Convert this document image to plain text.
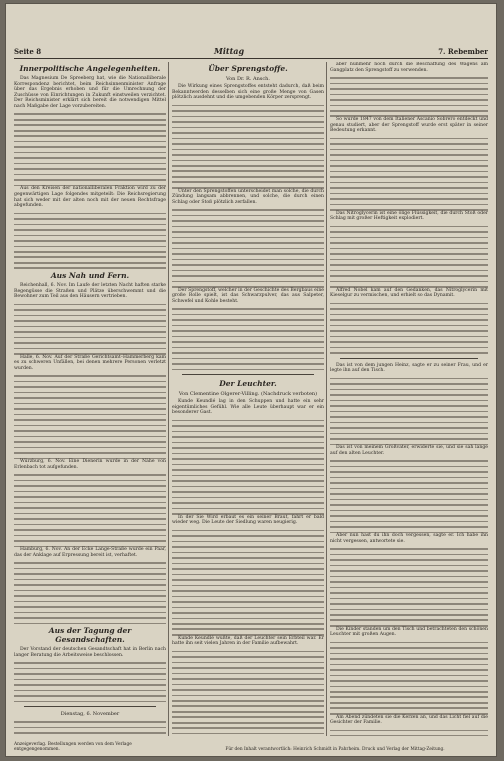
Seite 8	Mittag	7. Rebember
Innerpolitische Angelegenheiten.

Das Magnesium De Spreeberg hat, wie die Nationalliberale Korrespondenz berichtet, beim Reichsinnenminister Anfrage über das Ergebnis erhoben und für die Umrechnung der Zuschüsse von Einrichtungen in Zukunft einstweilen verzichtet. Der Reichsminister erklärt sich bereit die notwendigen Mittel nach Maßgabe der Lage vorzubereiten.

Aus den Kreisen der nationalliberalen Fraktion wird zu der gegenwärtigen Lage folgendes mitgeteilt: Die Reichsregierung hat sich weder mit der alten noch mit der neuen Rechtsfrage abgefunden.

Aus Nah und Fern.

Reichenhall, 6. Nov. Im Laufe der letzten Nacht haften starke Regengüsse die Straßen und Plätze überschwemmt und die Bewohner zum Teil aus den Häusern vertrieben.

Halle, 6. Nov. Auf der Straße Gerichtsamt–Hammerberg kam es zu schweren Unfällen, bei denen mehrere Personen verletzt wurden.

Würzburg, 6. Nov. Eine Dienerin wurde in der Nähe von Erlenbach tot aufgefunden.

Hamburg, 6. Nov. An der Ecke Lange-Straße wurde ein Paar, das der Anklage auf Erpressung bereit ist, verhaftet.

Aus der Tagung der Gesandschaften.

Der Vorstand der deutschen Gesandtschaft hat in Berlin nach langer Beratung die Arbeitsweise beschlossen.

Dienstag, 6. November
Über Sprengstoffe.
Von Dr. R. Ansch.

Die Wirkung eines Sprengstoffes entsteht dadurch, daß beim Bekanntwerden desselben sich eine große Menge von Gasen plötzlich ausdehnt und die umgebenden Körper zersprengt.

Unter den Sprengstoffen unterscheidet man solche, die durch Zündung langsam abbrennen, und solche, die durch einen Schlag oder Stoß plötzlich zerfallen.

Der Sprengstoff, welcher in der Geschichte des Bergbaus eine große Rolle spielt, ist das Schwarzpulver, das aus Salpeter, Schwefel und Kohle besteht.

Der Leuchter.
Von Clementine Olgerer-Villing. (Nachdruck verboten)

Kunde Keundlé lag in den Schuppen und hatte ein sehr eigentümliches Gefühl. Wie alle Leute überhaupt war er ein besonderer Gast.

In der Sie Wird erbaut es ein seiner Braut, fahrt er bald wieder weg. Die Leute der Siedlung waren neugierig.

Kunde Keundlé wußte, daß der Leuchter sein Erbteil war. Er hatte ihn seit vielen Jahren in der Familie aufbewahrt.

aber nunmehr noch durch die Beschaffung des Wägens am Gangplatz den Sprengstoff zu verwenden.

So wurde 1847 von dem Italiener Ascanio Sobrero entdeckt und genau studiert, aber der Sprengstoff wurde erst später in seiner Bedeutung erkannt.

Das Nitroglycerin ist eine ölige Flüssigkeit, die durch Stoß oder Schlag mit großer Heftigkeit explodiert.

Alfred Nobel kam auf den Gedanken, das Nitroglycerin mit Kieselgur zu vermischen, und erhielt so das Dynamit.

Das ist von dem jungen Heinz, sagte er zu seiner Frau, und er legte ihn auf den Tisch.

Das ist von meinem Großvater, erwiderte sie, und sie sah lange auf den alten Leuchter.

Aber nun hast du ihn doch vergessen, sagte er. Ich habe ihn nicht vergessen, antwortete sie.

Die Kinder standen um den Tisch und betrachteten den schönen Leuchter mit großen Augen.

Am Abend zündeten sie die Kerzen an, und das Licht fiel auf die Gesichter der Familie.

Anzeigeverlag. Bestellungen werden von dem Verlage entgegengenommen.	Für den Inhalt verantwortlich: Heinrich Schmidt in Pahrheim. Druck und Verlag der Mittag-Zeitung.
